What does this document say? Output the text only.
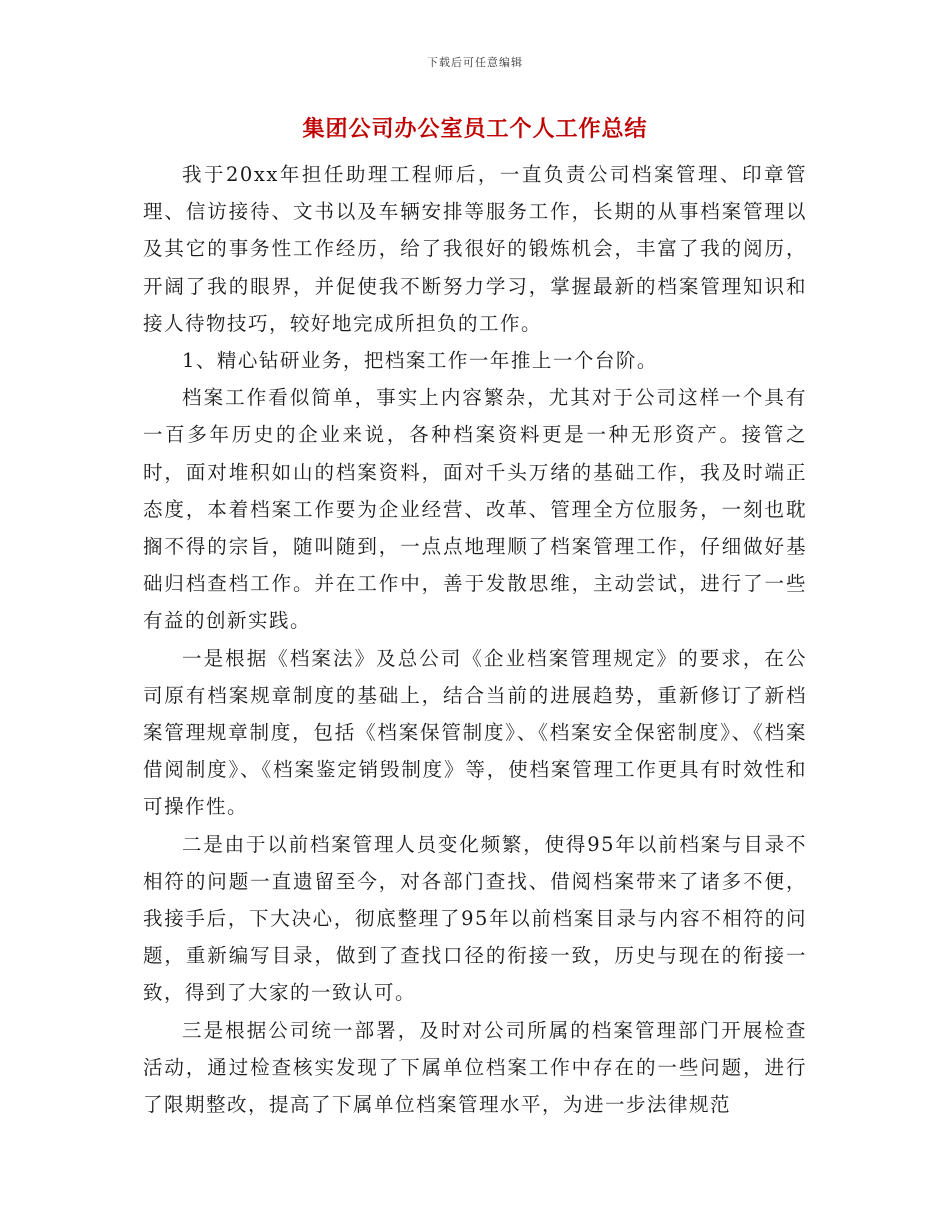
下载后可任意编辑
集团公司办公室员工个人工作总结

我于20xx年担任助理工程师后，一直负责公司档案管理、印章管理、信访接待、文书以及车辆安排等服务工作，长期的从事档案管理以及其它的事务性工作经历，给了我很好的锻炼机会，丰富了我的阅历，开阔了我的眼界，并促使我不断努力学习，掌握最新的档案管理知识和接人待物技巧，较好地完成所担负的工作。

1、精心钻研业务，把档案工作一年推上一个台阶。

档案工作看似简单，事实上内容繁杂，尤其对于公司这样一个具有一百多年历史的企业来说，各种档案资料更是一种无形资产。接管之时，面对堆积如山的档案资料，面对千头万绪的基础工作，我及时端正态度，本着档案工作要为企业经营、改革、管理全方位服务，一刻也耽搁不得的宗旨，随叫随到，一点点地理顺了档案管理工作，仔细做好基础归档查档工作。并在工作中，善于发散思维，主动尝试，进行了一些有益的创新实践。

一是根据《档案法》及总公司《企业档案管理规定》的要求，在公司原有档案规章制度的基础上，结合当前的进展趋势，重新修订了新档案管理规章制度，包括《档案保管制度》、《档案安全保密制度》、《档案借阅制度》、《档案鉴定销毁制度》等，使档案管理工作更具有时效性和可操作性。

二是由于以前档案管理人员变化频繁，使得95年以前档案与目录不相符的问题一直遗留至今，对各部门查找、借阅档案带来了诸多不便，我接手后，下大决心，彻底整理了95年以前档案目录与内容不相符的问题，重新编写目录，做到了查找口径的衔接一致，历史与现在的衔接一致，得到了大家的一致认可。

三是根据公司统一部署，及时对公司所属的档案管理部门开展检查活动，通过检查核实发现了下属单位档案工作中存在的一些问题，进行了限期整改，提高了下属单位档案管理水平，为进一步法律规范
